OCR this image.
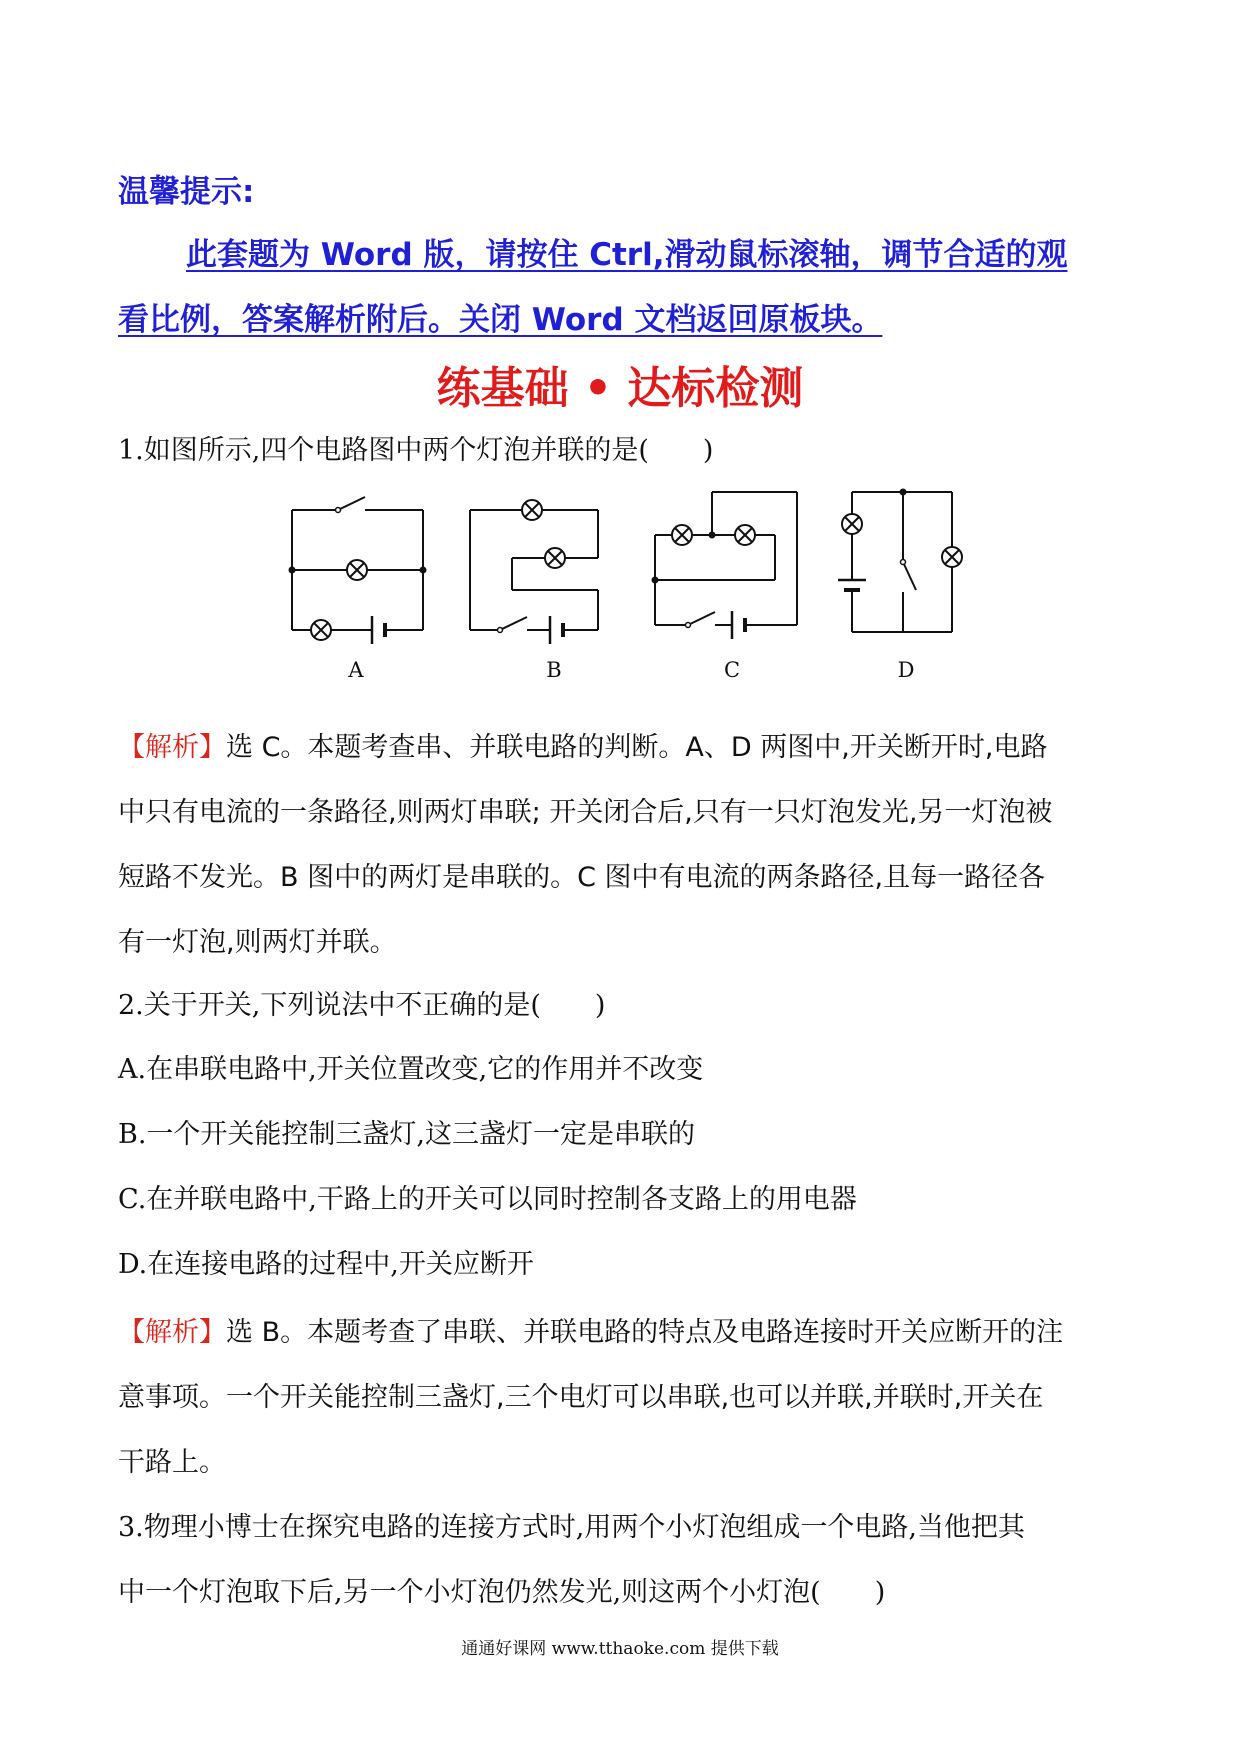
温馨提示:
此套题为 Word 版，请按住 Ctrl,滑动鼠标滚轴，调节合适的观
看比例，答案解析附后。关闭 Word 文档返回原板块。
练基础 • 达标检测
1.如图所示,四个电路图中两个灯泡并联的是(　　)
A	B	C	D
【解析】选 C。本题考查串、并联电路的判断。A、D 两图中,开关断开时,电路
中只有电流的一条路径,则两灯串联; 开关闭合后,只有一只灯泡发光,另一灯泡被
短路不发光。B 图中的两灯是串联的。C 图中有电流的两条路径,且每一路径各
有一灯泡,则两灯并联。
2.关于开关,下列说法中不正确的是(　　)
A.在串联电路中,开关位置改变,它的作用并不改变
B.一个开关能控制三盏灯,这三盏灯一定是串联的
C.在并联电路中,干路上的开关可以同时控制各支路上的用电器
D.在连接电路的过程中,开关应断开
【解析】选 B。本题考查了串联、并联电路的特点及电路连接时开关应断开的注
意事项。一个开关能控制三盏灯,三个电灯可以串联,也可以并联,并联时,开关在
干路上。
3.物理小博士在探究电路的连接方式时,用两个小灯泡组成一个电路,当他把其
中一个灯泡取下后,另一个小灯泡仍然发光,则这两个小灯泡(　　)
通通好课网 www.tthaoke.com 提供下载
